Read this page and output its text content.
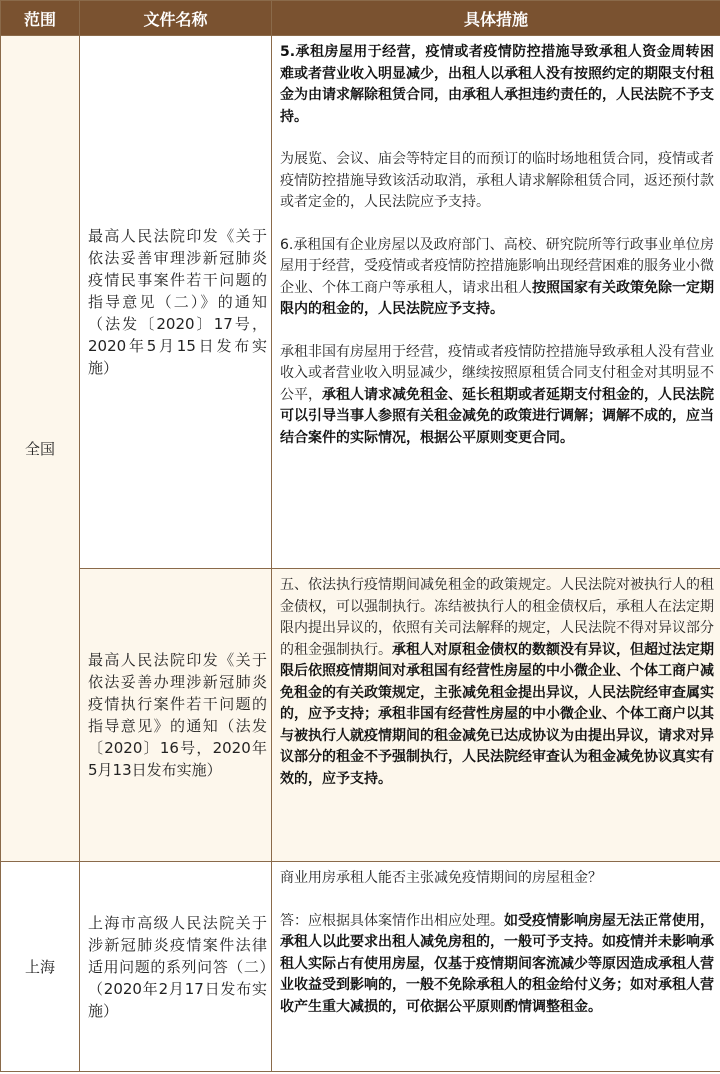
范围	文件名称	具体措施
全国	最高人民法院印发《关于依法妥善审理涉新冠肺炎疫情民事案件若干问题的指导意见（二）》的通知（法发〔2020〕17号，2020年5月15日发布实施）	5.承租房屋用于经营，疫情或者疫情防控措施导致承租人资金周转困难或者营业收入明显减少，出租人以承租人没有按照约定的期限支付租金为由请求解除租赁合同，由承租人承担违约责任的，人民法院不予支持。

为展览、会议、庙会等特定目的而预订的临时场地租赁合同，疫情或者疫情防控措施导致该活动取消，承租人请求解除租赁合同，返还预付款或者定金的，人民法院应予支持。

6.承租国有企业房屋以及政府部门、高校、研究院所等行政事业单位房屋用于经营，受疫情或者疫情防控措施影响出现经营困难的服务业小微企业、个体工商户等承租人，请求出租人按照国家有关政策免除一定期限内的租金的，人民法院应予支持。

承租非国有房屋用于经营，疫情或者疫情防控措施导致承租人没有营业收入或者营业收入明显减少，继续按照原租赁合同支付租金对其明显不公平，承租人请求减免租金、延长租期或者延期支付租金的，人民法院可以引导当事人参照有关租金减免的政策进行调解；调解不成的，应当结合案件的实际情况，根据公平原则变更合同。

	最高人民法院印发《关于依法妥善办理涉新冠肺炎疫情执行案件若干问题的指导意见》的通知（法发〔2020〕16号，2020年5月13日发布实施）	五、依法执行疫情期间减免租金的政策规定。人民法院对被执行人的租金债权，可以强制执行。冻结被执行人的租金债权后，承租人在法定期限内提出异议的，依照有关司法解释的规定，人民法院不得对异议部分的租金强制执行。承租人对原租金债权的数额没有异议，但超过法定期限后依照疫情期间对承租国有经营性房屋的中小微企业、个体工商户减免租金的有关政策规定，主张减免租金提出异议，人民法院经审查属实的，应予支持；承租非国有经营性房屋的中小微企业、个体工商户以其与被执行人就疫情期间的租金减免已达成协议为由提出异议，请求对异议部分的租金不予强制执行，人民法院经审查认为租金减免协议真实有效的，应予支持。

上海	上海市高级人民法院关于涉新冠肺炎疫情案件法律适用问题的系列问答（二）（2020年2月17日发布实施）	商业用房承租人能否主张减免疫情期间的房屋租金？

答：应根据具体案情作出相应处理。如受疫情影响房屋无法正常使用，承租人以此要求出租人减免房租的，一般可予支持。如疫情并未影响承租人实际占有使用房屋，仅基于疫情期间客流减少等原因造成承租人营业收益受到影响的，一般不免除承租人的租金给付义务；如对承租人营收产生重大减损的，可依据公平原则酌情调整租金。
